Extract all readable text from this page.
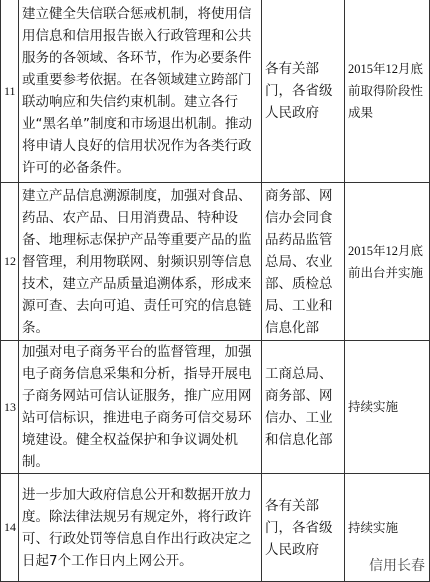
11	建立健全失信联合惩戒机制，将使用信用信息和信用报告嵌入行政管理和公共服务的各领域、各环节，作为必要条件或重要参考依据。在各领域建立跨部门联动响应和失信约束机制。建立各行业“黑名单”制度和市场退出机制。推动将申请人良好的信用状况作为各类行政许可的必备条件。	各有关部门，各省级人民政府	2015年12月底前取得阶段性成果
12	建立产品信息溯源制度，加强对食品、药品、农产品、日用消费品、特种设备、地理标志保护产品等重要产品的监督管理，利用物联网、射频识别等信息技术，建立产品质量追溯体系，形成来源可查、去向可追、责任可究的信息链条。	商务部、网信办会同食品药品监管总局、农业部、质检总局、工业和信息化部	2015年12月底前出台并实施
13	加强对电子商务平台的监督管理，加强电子商务信息采集和分析，指导开展电子商务网站可信认证服务，推广应用网站可信标识，推进电子商务可信交易环境建设。健全权益保护和争议调处机制。	工商总局、商务部、网信办、工业和信息化部	持续实施
14	进一步加大政府信息公开和数据开放力度。除法律法规另有规定外，将行政许可、行政处罚等信息自作出行政决定之日起7个工作日内上网公开。	各有关部门，各省级人民政府	持续实施
信用长春
